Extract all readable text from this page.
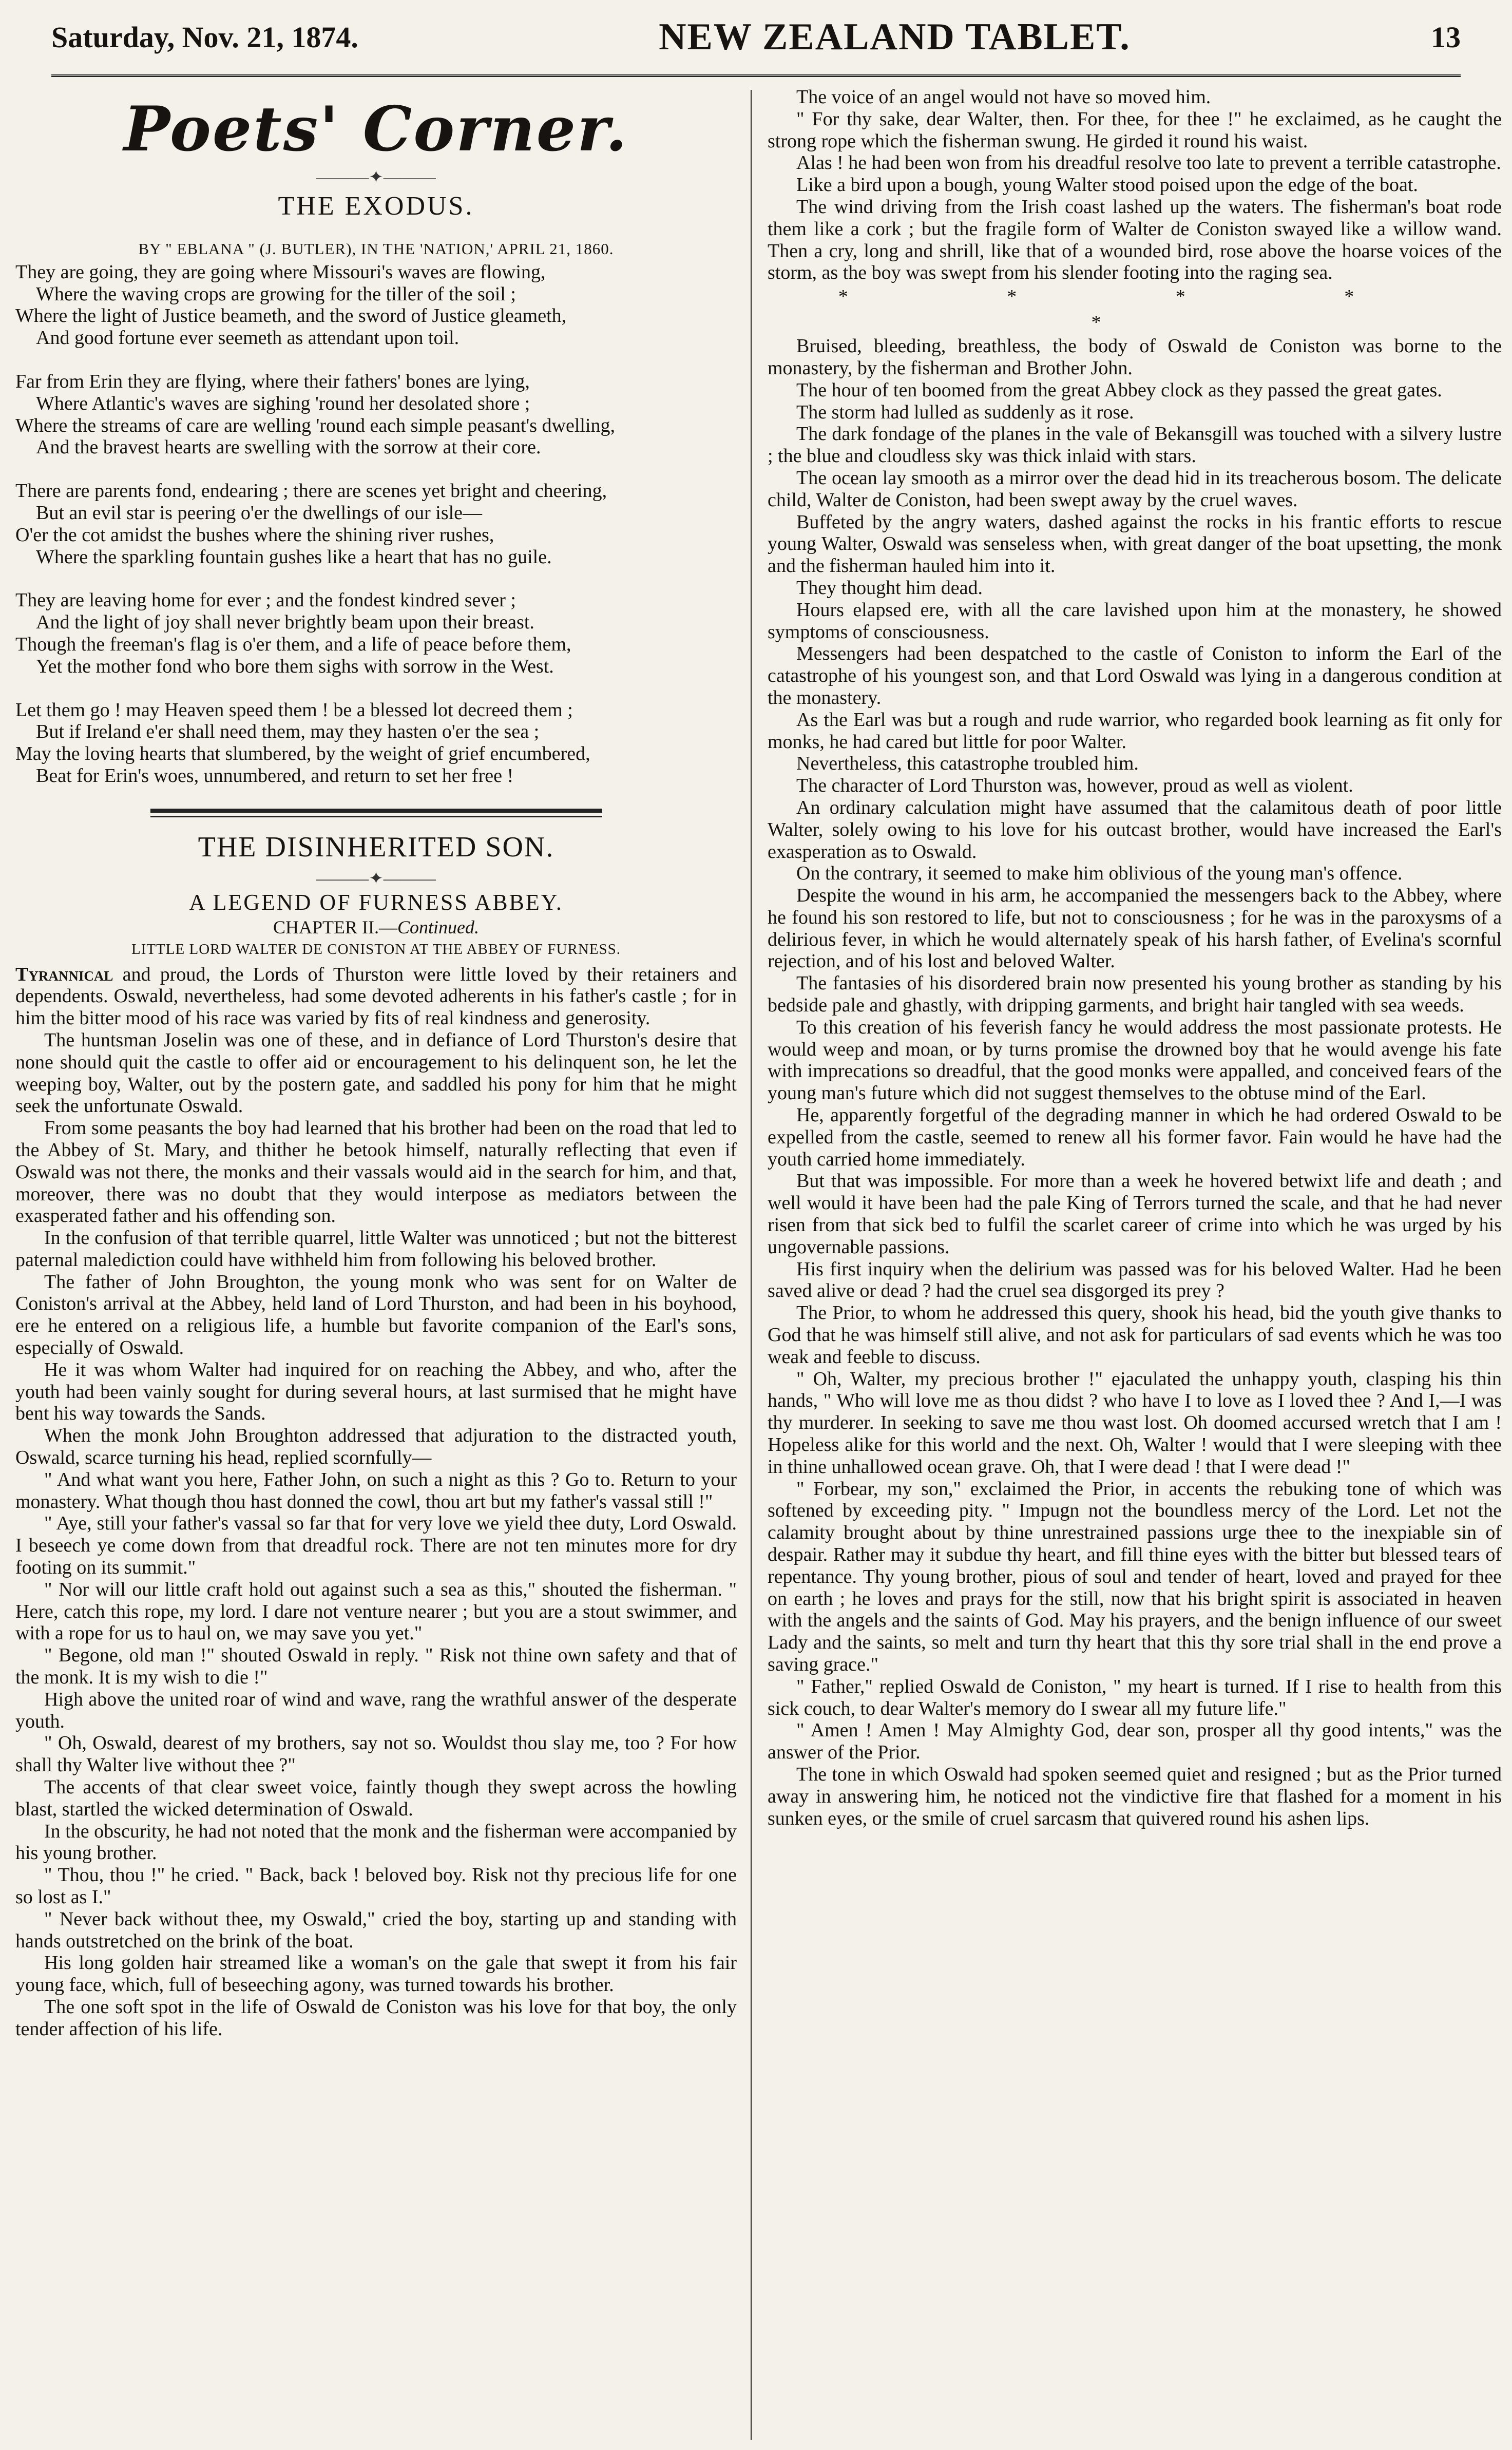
Saturday, Nov. 21, 1874.	NEW ZEALAND TABLET.	13
Poets' Corner.
———✦———
THE EXODUS.
BY " EBLANA " (J. BUTLER), IN THE 'NATION,' APRIL 21, 1860.
They are going, they are going where Missouri's waves are flowing,
Where the waving crops are growing for the tiller of the soil ;
Where the light of Justice beameth, and the sword of Justice gleameth,
And good fortune ever seemeth as attendant upon toil.
Far from Erin they are flying, where their fathers' bones are lying,
Where Atlantic's waves are sighing 'round her desolated shore ;
Where the streams of care are welling 'round each simple peasant's dwelling,
And the bravest hearts are swelling with the sorrow at their core.
There are parents fond, endearing ; there are scenes yet bright and cheering,
But an evil star is peering o'er the dwellings of our isle—
O'er the cot amidst the bushes where the shining river rushes,
Where the sparkling fountain gushes like a heart that has no guile.
They are leaving home for ever ; and the fondest kindred sever ;
And the light of joy shall never brightly beam upon their breast.
Though the freeman's flag is o'er them, and a life of peace before them,
Yet the mother fond who bore them sighs with sorrow in the West.
Let them go ! may Heaven speed them ! be a blessed lot decreed them ;
But if Ireland e'er shall need them, may they hasten o'er the sea ;
May the loving hearts that slumbered, by the weight of grief encumbered,
Beat for Erin's woes, unnumbered, and return to set her free !
THE DISINHERITED SON.
———✦———
A LEGEND OF FURNESS ABBEY.
CHAPTER II.—Continued.
LITTLE LORD WALTER DE CONISTON AT THE ABBEY OF FURNESS.

Tyrannical and proud, the Lords of Thurston were little loved by their retainers and dependents. Oswald, nevertheless, had some devoted adherents in his father's castle ; for in him the bitter mood of his race was varied by fits of real kindness and generosity.

The huntsman Joselin was one of these, and in defiance of Lord Thurston's desire that none should quit the castle to offer aid or encouragement to his delinquent son, he let the weeping boy, Walter, out by the postern gate, and saddled his pony for him that he might seek the unfortunate Oswald.

From some peasants the boy had learned that his brother had been on the road that led to the Abbey of St. Mary, and thither he betook himself, naturally reflecting that even if Oswald was not there, the monks and their vassals would aid in the search for him, and that, moreover, there was no doubt that they would interpose as mediators between the exasperated father and his offending son.

In the confusion of that terrible quarrel, little Walter was unnoticed ; but not the bitterest paternal malediction could have withheld him from following his beloved brother.

The father of John Broughton, the young monk who was sent for on Walter de Coniston's arrival at the Abbey, held land of Lord Thurston, and had been in his boyhood, ere he entered on a religious life, a humble but favorite companion of the Earl's sons, especially of Oswald.

He it was whom Walter had inquired for on reaching the Abbey, and who, after the youth had been vainly sought for during several hours, at last surmised that he might have bent his way towards the Sands.

When the monk John Broughton addressed that adjuration to the distracted youth, Oswald, scarce turning his head, replied scornfully—

" And what want you here, Father John, on such a night as this ? Go to. Return to your monastery. What though thou hast donned the cowl, thou art but my father's vassal still !"

" Aye, still your father's vassal so far that for very love we yield thee duty, Lord Oswald. I beseech ye come down from that dreadful rock. There are not ten minutes more for dry footing on its summit."

" Nor will our little craft hold out against such a sea as this," shouted the fisherman. " Here, catch this rope, my lord. I dare not venture nearer ; but you are a stout swimmer, and with a rope for us to haul on, we may save you yet."

" Begone, old man !" shouted Oswald in reply. " Risk not thine own safety and that of the monk. It is my wish to die !"

High above the united roar of wind and wave, rang the wrathful answer of the desperate youth.

" Oh, Oswald, dearest of my brothers, say not so. Wouldst thou slay me, too ? For how shall thy Walter live without thee ?"

The accents of that clear sweet voice, faintly though they swept across the howling blast, startled the wicked determination of Oswald.

In the obscurity, he had not noted that the monk and the fisherman were accompanied by his young brother.

" Thou, thou !" he cried. " Back, back ! beloved boy. Risk not thy precious life for one so lost as I."

" Never back without thee, my Oswald," cried the boy, starting up and standing with hands outstretched on the brink of the boat.

His long golden hair streamed like a woman's on the gale that swept it from his fair young face, which, full of beseeching agony, was turned towards his brother.

The one soft spot in the life of Oswald de Coniston was his love for that boy, the only tender affection of his life.

The voice of an angel would not have so moved him.

" For thy sake, dear Walter, then. For thee, for thee !" he exclaimed, as he caught the strong rope which the fisherman swung. He girded it round his waist.

Alas ! he had been won from his dreadful resolve too late to prevent a terrible catastrophe.

Like a bird upon a bough, young Walter stood poised upon the edge of the boat.

The wind driving from the Irish coast lashed up the waters. The fisherman's boat rode them like a cork ; but the fragile form of Walter de Coniston swayed like a willow wand. Then a cry, long and shrill, like that of a wounded bird, rose above the hoarse voices of the storm, as the boy was swept from his slender footing into the raging sea.

* * * * *

Bruised, bleeding, breathless, the body of Oswald de Coniston was borne to the monastery, by the fisherman and Brother John.

The hour of ten boomed from the great Abbey clock as they passed the great gates.

The storm had lulled as suddenly as it rose.

The dark fondage of the planes in the vale of Bekansgill was touched with a silvery lustre ; the blue and cloudless sky was thick inlaid with stars.

The ocean lay smooth as a mirror over the dead hid in its treacherous bosom. The delicate child, Walter de Coniston, had been swept away by the cruel waves.

Buffeted by the angry waters, dashed against the rocks in his frantic efforts to rescue young Walter, Oswald was senseless when, with great danger of the boat upsetting, the monk and the fisherman hauled him into it.

They thought him dead.

Hours elapsed ere, with all the care lavished upon him at the monastery, he showed symptoms of consciousness.

Messengers had been despatched to the castle of Coniston to inform the Earl of the catastrophe of his youngest son, and that Lord Oswald was lying in a dangerous condition at the monastery.

As the Earl was but a rough and rude warrior, who regarded book learning as fit only for monks, he had cared but little for poor Walter.

Nevertheless, this catastrophe troubled him.

The character of Lord Thurston was, however, proud as well as violent.

An ordinary calculation might have assumed that the calamitous death of poor little Walter, solely owing to his love for his outcast brother, would have increased the Earl's exasperation as to Oswald.

On the contrary, it seemed to make him oblivious of the young man's offence.

Despite the wound in his arm, he accompanied the messengers back to the Abbey, where he found his son restored to life, but not to consciousness ; for he was in the paroxysms of a delirious fever, in which he would alternately speak of his harsh father, of Evelina's scornful rejection, and of his lost and beloved Walter.

The fantasies of his disordered brain now presented his young brother as standing by his bedside pale and ghastly, with dripping garments, and bright hair tangled with sea weeds.

To this creation of his feverish fancy he would address the most passionate protests. He would weep and moan, or by turns promise the drowned boy that he would avenge his fate with imprecations so dreadful, that the good monks were appalled, and conceived fears of the young man's future which did not suggest themselves to the obtuse mind of the Earl.

He, apparently forgetful of the degrading manner in which he had ordered Oswald to be expelled from the castle, seemed to renew all his former favor. Fain would he have had the youth carried home immediately.

But that was impossible. For more than a week he hovered betwixt life and death ; and well would it have been had the pale King of Terrors turned the scale, and that he had never risen from that sick bed to fulfil the scarlet career of crime into which he was urged by his ungovernable passions.

His first inquiry when the delirium was passed was for his beloved Walter. Had he been saved alive or dead ? had the cruel sea disgorged its prey ?

The Prior, to whom he addressed this query, shook his head, bid the youth give thanks to God that he was himself still alive, and not ask for particulars of sad events which he was too weak and feeble to discuss.

" Oh, Walter, my precious brother !" ejaculated the unhappy youth, clasping his thin hands, " Who will love me as thou didst ? who have I to love as I loved thee ? And I,—I was thy murderer. In seeking to save me thou wast lost. Oh doomed accursed wretch that I am ! Hopeless alike for this world and the next. Oh, Walter ! would that I were sleeping with thee in thine unhallowed ocean grave. Oh, that I were dead ! that I were dead !"

" Forbear, my son," exclaimed the Prior, in accents the rebuking tone of which was softened by exceeding pity. " Impugn not the boundless mercy of the Lord. Let not the calamity brought about by thine unrestrained passions urge thee to the inexpiable sin of despair. Rather may it subdue thy heart, and fill thine eyes with the bitter but blessed tears of repentance. Thy young brother, pious of soul and tender of heart, loved and prayed for thee on earth ; he loves and prays for the still, now that his bright spirit is associated in heaven with the angels and the saints of God. May his prayers, and the benign influence of our sweet Lady and the saints, so melt and turn thy heart that this thy sore trial shall in the end prove a saving grace."

" Father," replied Oswald de Coniston, " my heart is turned. If I rise to health from this sick couch, to dear Walter's memory do I swear all my future life."

" Amen ! Amen ! May Almighty God, dear son, prosper all thy good intents," was the answer of the Prior.

The tone in which Oswald had spoken seemed quiet and resigned ; but as the Prior turned away in answering him, he noticed not the vindictive fire that flashed for a moment in his sunken eyes, or the smile of cruel sarcasm that quivered round his ashen lips.
